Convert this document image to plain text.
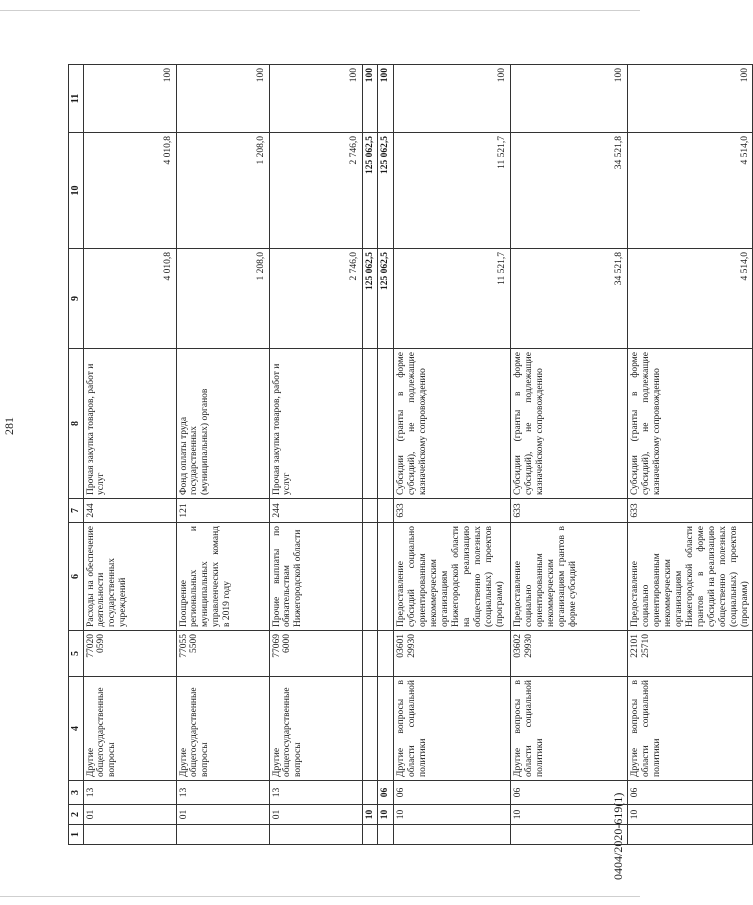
281
0404/2020-619(1)
1	2	3	4	5	6	7	8	9	10	11
	01	13	Другие общегосударственные вопросы	77020 0590	Расходы на обеспечение деятельности государственных учреждений	244	Прочая закупка товаров, работ и услуг	4 010,8	4 010,8	100
	01	13	Другие общегосударственные вопросы	77055 5500	Поощрение региональных и муниципальных управленческих команд в 2019 году	121	Фонд оплаты труда государственных (муниципальных) органов	1 208,0	1 208,0	100
	01	13	Другие общегосударственные вопросы	77069 6000	Прочие выплаты по обязательствам Нижегородской области	244	Прочая закупка товаров, работ и услуг	2 746,0	2 746,0	100
	10							125 062,5	125 062,5	100
	10	06						125 062,5	125 062,5	100
	10	06	Другие вопросы в области социальной политики	03601 29930	Предоставление субсидий социально ориентированным некоммерческим организациям Нижегородской области на реализацию общественно полезных (социальных) проектов (программ)	633	Субсидии (гранты в форме субсидий), не подлежащие казначейскому сопровождению	11 521,7	11 521,7	100
	10	06	Другие вопросы в области социальной политики	03602 29930	Предоставление социально ориентированным некоммерческим организациям грантов в форме субсидий	633	Субсидии (гранты в форме субсидий), не подлежащие казначейскому сопровождению	34 521,8	34 521,8	100
	10	06	Другие вопросы в области социальной политики	22101 25710	Предоставление социально ориентированным некоммерческим организациям Нижегородской области грантов в форме субсидий на реализацию общественно полезных (социальных) проектов (программ)	633	Субсидии (гранты в форме субсидий), не подлежащие казначейскому сопровождению	4 514,0	4 514,0	100
